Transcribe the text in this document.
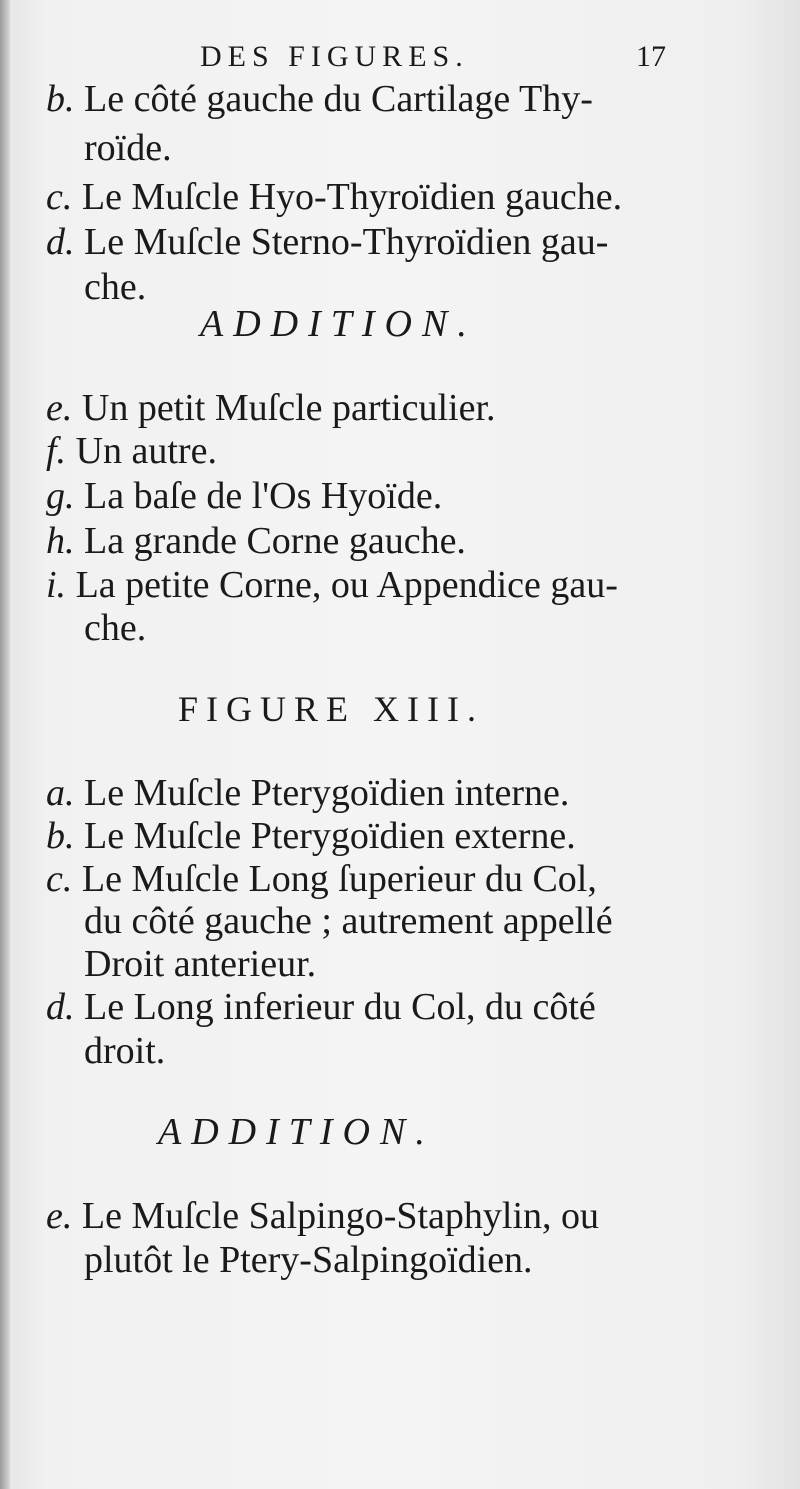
DES FIGURES.	17
b. Le côté gauche du Cartilage Thy-
roïde.
c. Le Muſcle Hyo-Thyroïdien gauche.
d. Le Muſcle Sterno-Thyroïdien gau-
che.
ADDITION.
e. Un petit Muſcle particulier.
f. Un autre.
g. La baſe de l'Os Hyoïde.
h. La grande Corne gauche.
i. La petite Corne, ou Appendice gau-
che.
FIGURE XIII.
a. Le Muſcle Pterygoïdien interne.
b. Le Muſcle Pterygoïdien externe.
c. Le Muſcle Long ſuperieur du Col,
du côté gauche ; autrement appellé
Droit anterieur.
d. Le Long inferieur du Col, du côté
droit.
ADDITION.
e. Le Muſcle Salpingo-Staphylin, ou
plutôt le Ptery-Salpingoïdien.
